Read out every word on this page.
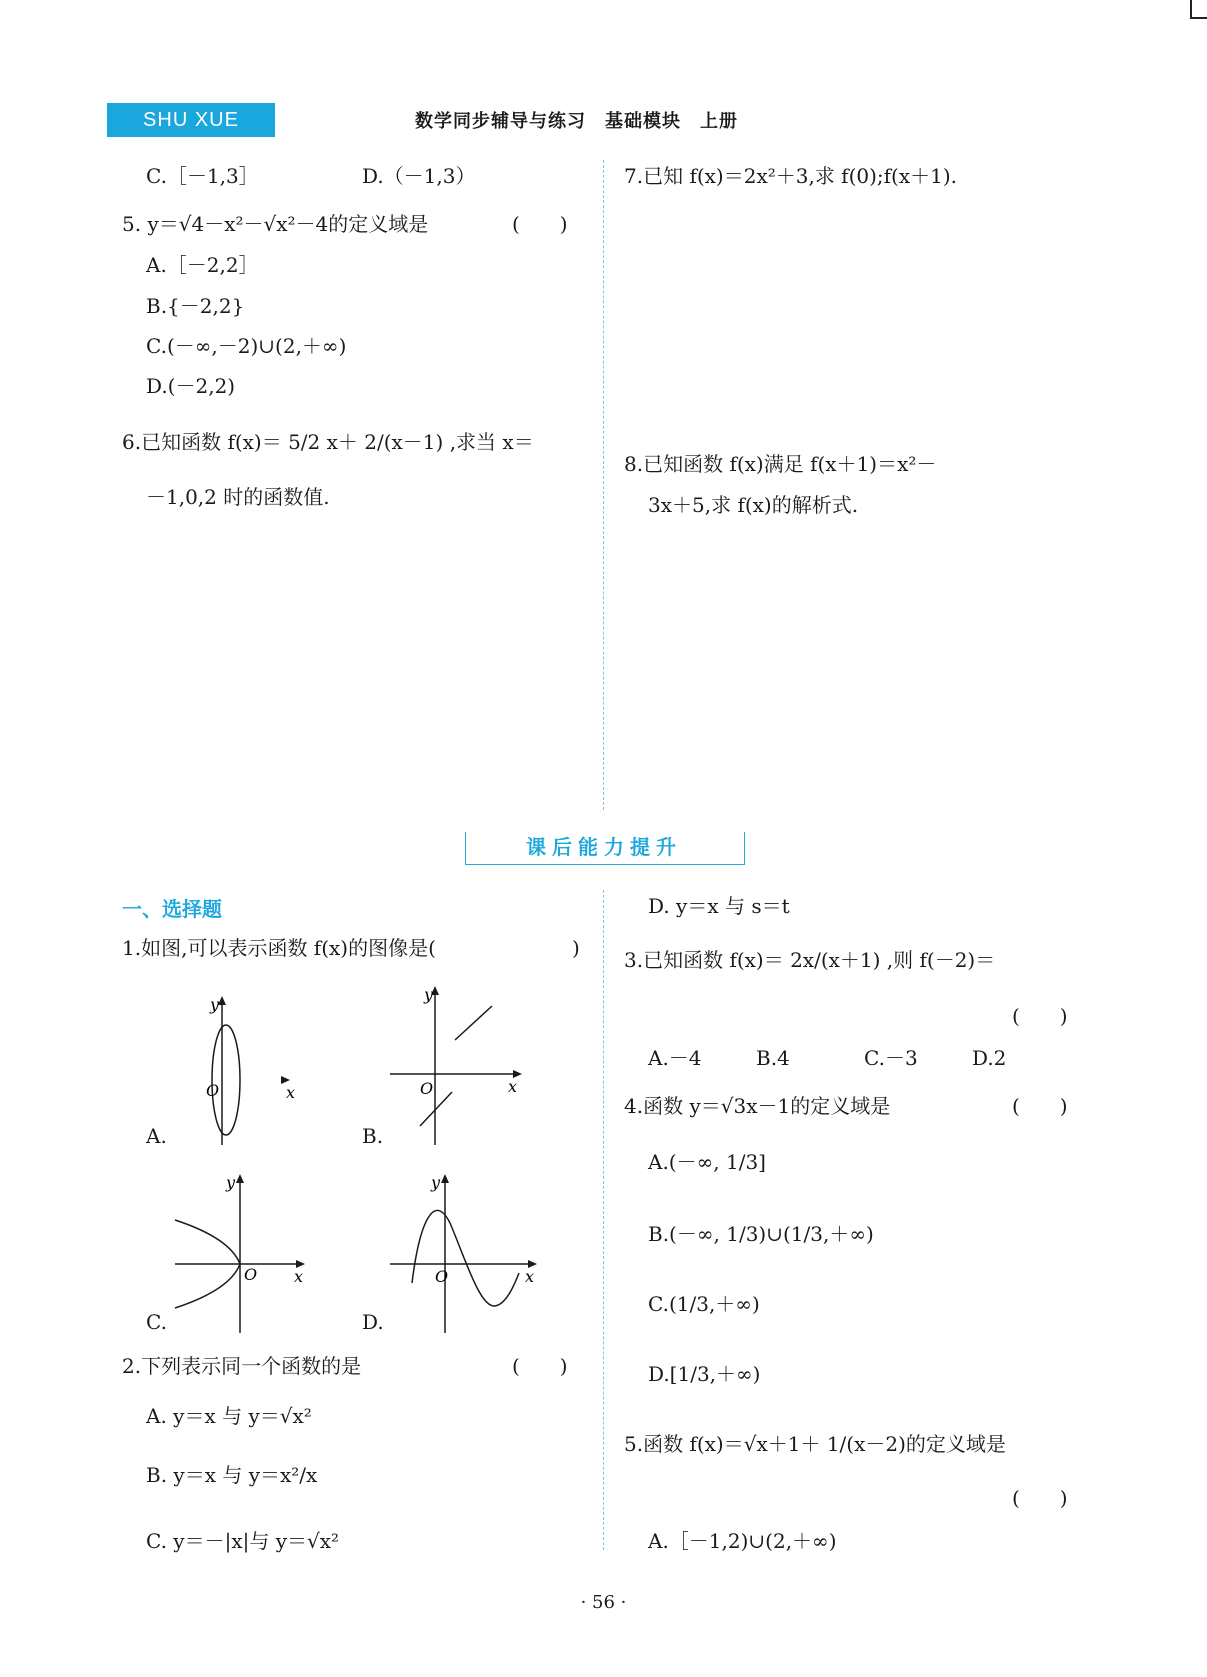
SHU XUE	数学同步辅导与练习　基础模块　上册
C.［－1,3］	D.（－1,3）
5. y＝√4－x²－√x²－4的定义域是	(　　)
A.［－2,2］
B.{－2,2}
C.(－∞,－2)∪(2,＋∞)
D.(－2,2)
6.已知函数 f(x)＝ 5/2 x＋ 2/(x－1) ,求当 x＝
－1,0,2 时的函数值.
7.已知 f(x)＝2x²＋3,求 f(0);f(x＋1).
8.已知函数 f(x)满足 f(x＋1)＝x²－
3x＋5,求 f(x)的解析式.
课后能力提升
一、选择题
1.如图,可以表示函数 f(x)的图像是(	)
y
O	x
A.
y
O	x
B.
y
O x
C.
y
O	x
D.
2.下列表示同一个函数的是	(　　)
A. y＝x 与 y＝√x²
B. y＝x 与 y＝x²/x
C. y＝－|x|与 y＝√x²
D. y＝x 与 s＝t
3.已知函数 f(x)＝ 2x/(x＋1) ,则 f(－2)＝
(　　)
A.－4	B.4	C.－3	D.2
4.函数 y＝√3x－1的定义域是	(　　)
A.(－∞, 1/3]
B.(－∞, 1/3)∪(1/3,＋∞)
C.(1/3,＋∞)
D.[1/3,＋∞)
5.函数 f(x)＝√x＋1＋ 1/(x－2)的定义域是
(　　)
A.［－1,2)∪(2,＋∞)
· 56 ·
